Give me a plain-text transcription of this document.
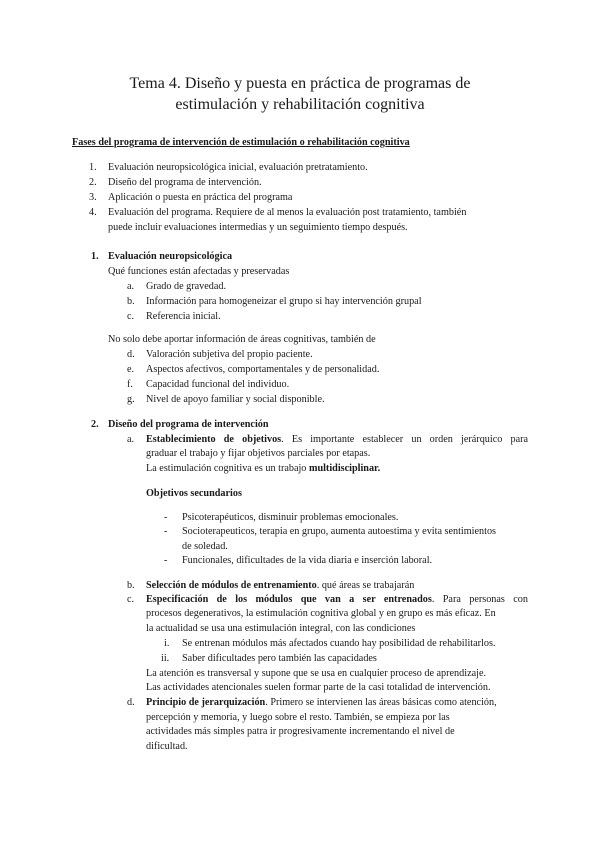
Tema 4. Diseño y puesta en práctica de programas de
estimulación y rehabilitación cognitiva
Fases del programa de intervención de estimulación o rehabilitación cognitiva
1. Evaluación neuropsicológica inicial, evaluación pretratamiento.
2. Diseño del programa de intervención.
3. Aplicación o puesta en práctica del programa
4. Evaluación del programa. Requiere de al menos la evaluación post tratamiento, también
puede incluir evaluaciones intermedias y un seguimiento tiempo después.
1. Evaluación neuropsicológica
Qué funciones están afectadas y preservadas
a. Grado de gravedad.
b. Información para homogeneizar el grupo si hay intervención grupal
c. Referencia inicial.
No solo debe aportar información de áreas cognitivas, también de
d. Valoración subjetiva del propio paciente.
e. Aspectos afectivos, comportamentales y de personalidad.
f. Capacidad funcional del individuo.
g. Nivel de apoyo familiar y social disponible.
2. Diseño del programa de intervención
a. Establecimiento de objetivos. Es importante establecer un orden jerárquico para
graduar el trabajo y fijar objetivos parciales por etapas.
La estimulación cognitiva es un trabajo multidisciplinar.
Objetivos secundarios
- Psicoterapéuticos, disminuir problemas emocionales.
- Socioterapeuticos, terapia en grupo, aumenta autoestima y evita sentimientos
de soledad.
- Funcionales, dificultades de la vida diaria e inserción laboral.
b. Selección de módulos de entrenamiento. qué áreas se trabajarán
c. Especificación de los módulos que van a ser entrenados. Para personas con
procesos degenerativos, la estimulación cognitiva global y en grupo es más eficaz. En
la actualidad se usa una estimulación integral, con las condiciones
i. Se entrenan módulos más afectados cuando hay posibilidad de rehabilitarlos.
ii. Saber dificultades pero también las capacidades
La atención es transversal y supone que se usa en cualquier proceso de aprendizaje.
Las actividades atencionales suelen formar parte de la casi totalidad de intervención.
d. Principio de jerarquización. Primero se intervienen las áreas básicas como atención,
percepción y memoria, y luego sobre el resto. También, se empieza por las
actividades más simples patra ir progresivamente incrementando el nivel de
dificultad.
